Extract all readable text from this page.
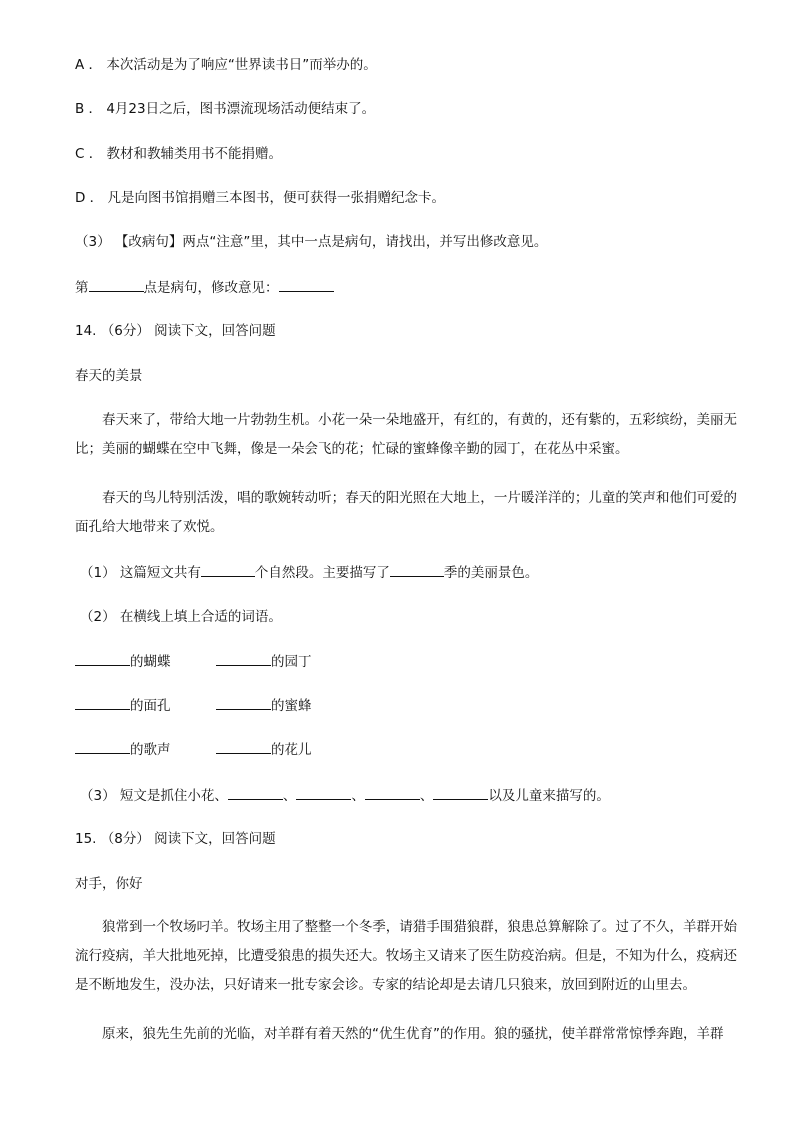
A ． 本次活动是为了响应“世界读书日”而举办的。
B ． 4月23日之后，图书漂流现场活动便结束了。
C ． 教材和教辅类用书不能捐赠。
D ． 凡是向图书馆捐赠三本图书，便可获得一张捐赠纪念卡。
（3） 【改病句】两点“注意”里，其中一点是病句，请找出，并写出修改意见。
第	点是病句，修改意见：
14. （6分） 阅读下文，回答问题
春天的美景
春天来了，带给大地一片勃勃生机。小花一朵一朵地盛开，有红的，有黄的，还有紫的，五彩缤纷，美丽无比；美丽的蝴蝶在空中飞舞，像是一朵会飞的花；忙碌的蜜蜂像辛勤的园丁，在花丛中采蜜。
春天的鸟儿特别活泼，唱的歌婉转动听；春天的阳光照在大地上，一片暖洋洋的；儿童的笑声和他们可爱的面孔给大地带来了欢悦。
（1） 这篇短文共有	个自然段。主要描写了	季的美丽景色。
（2） 在横线上填上合适的词语。
的蝴蝶	的园丁
的面孔	的蜜蜂
的歌声	的花儿
（3） 短文是抓住小花、	、	、	、	以及儿童来描写的。
15. （8分） 阅读下文，回答问题
对手，你好
狼常到一个牧场叼羊。牧场主用了整整一个冬季，请猎手围猎狼群，狼患总算解除了。过了不久，羊群开始流行疫病，羊大批地死掉，比遭受狼患的损失还大。牧场主又请来了医生防疫治病。但是，不知为什么，疫病还是不断地发生，没办法，只好请来一批专家会诊。专家的结论却是去请几只狼来，放回到附近的山里去。
原来，狼先生先前的光临，对羊群有着天然的“优生优育”的作用。狼的骚扰，使羊群常常惊悸奔跑，羊群
